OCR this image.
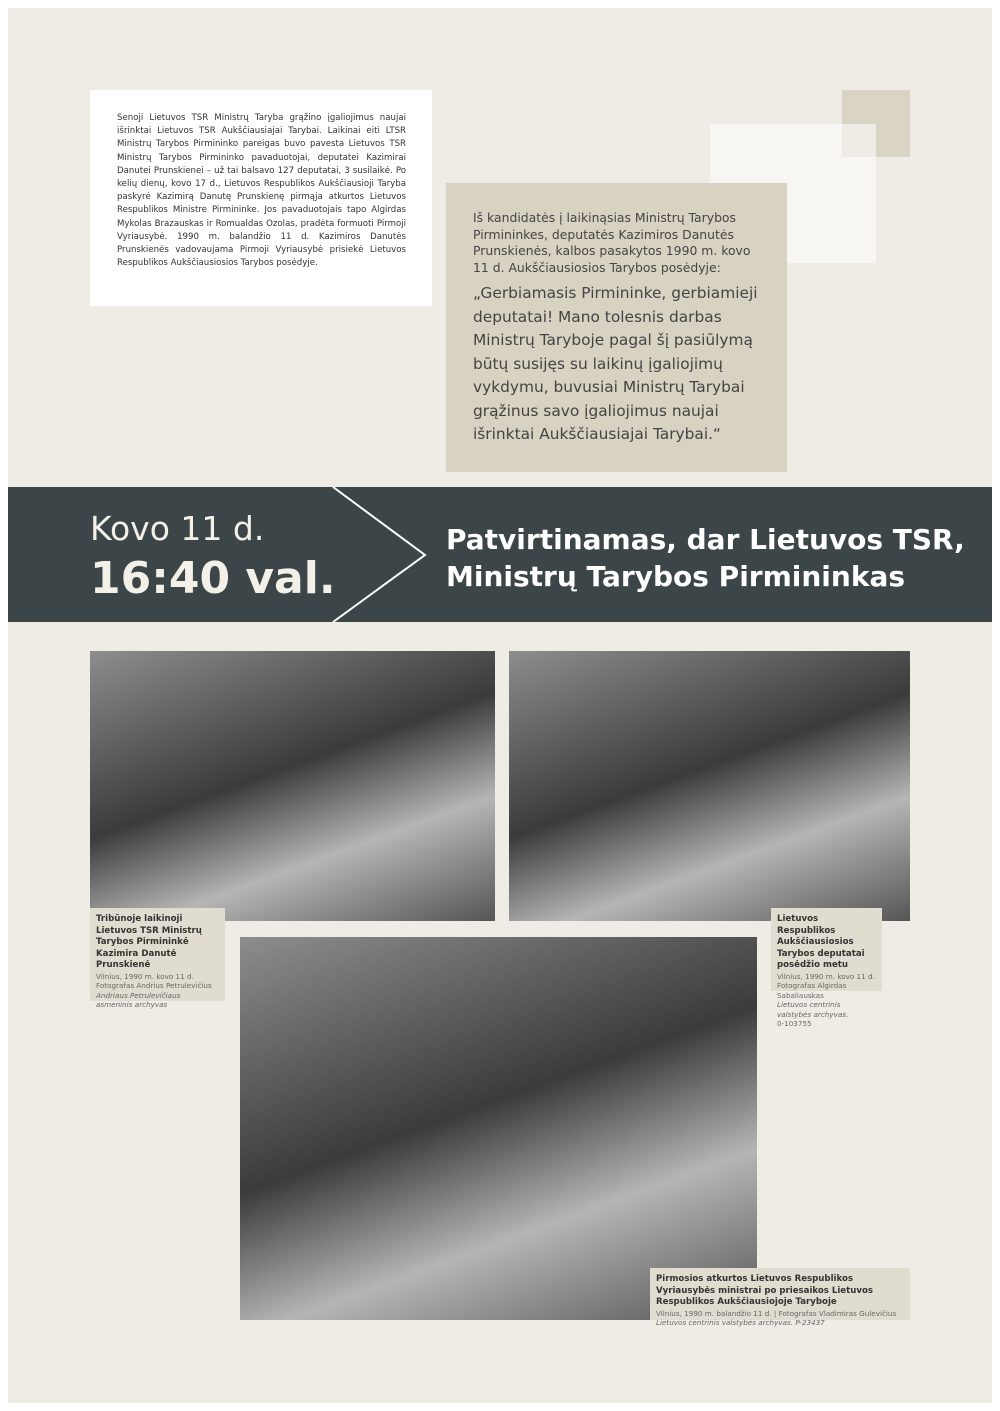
Senoji Lietuvos TSR Ministrų Taryba grąžino įgaliojimus naujai išrinktai Lietuvos TSR Aukščiausiajai Tarybai. Laikinai eiti LTSR Ministrų Tarybos Pirmininko pareigas buvo pavesta Lietuvos TSR Ministrų Tarybos Pirmininko pavaduotojai, deputatei Kazimirai Danutei Prunskienei – už tai balsavo 127 deputatai, 3 susilaikė. Po kelių dienų, kovo 17 d., Lietuvos Respublikos Aukščiausioji Taryba paskyrė Kazimirą Danutę Prunskienę pirmąja atkurtos Lietuvos Respublikos Ministre Pirmininke. Jos pavaduotojais tapo Algirdas Mykolas Brazauskas ir Romualdas Ozolas, pradėta formuoti Pirmoji Vyriausybė. 1990 m. balandžio 11 d. Kazimiros Danutės Prunskienės vadovaujama Pirmoji Vyriausybė prisiekė Lietuvos Respublikos Aukščiausiosios Tarybos posėdyje.
Iš kandidatės į laikinąsias Ministrų Tarybos Pirmininkes, deputatės Kazimiros Danutės Prunskienės, kalbos pasakytos 1990 m. kovo 11 d. Aukščiausiosios Tarybos posėdyje:
„Gerbiamasis Pirmininke, gerbiamieji deputatai! Mano tolesnis darbas Ministrų Taryboje pagal šį pasiūlymą būtų susijęs su laikinų įgaliojimų vykdymu, buvusiai Ministrų Tarybai grąžinus savo įgaliojimus naujai išrinktai Aukščiausiajai Tarybai.“
Kovo 11 d.
16:40 val.
Patvirtinamas, dar Lietuvos TSR,
Ministrų Tarybos Pirmininkas
Tribūnoje laikinoji Lietuvos TSR Ministrų Tarybos Pirmininkė Kazimira Danutė Prunskienė
Vilnius, 1990 m. kovo 11 d.
Fotografas Andrius Petrulevičius
Andriaus Petrulevičiaus asmeninis archyvas
Lietuvos Respublikos Aukščiausiosios Tarybos deputatai posėdžio metu
Vilnius, 1990 m. kovo 11 d.
Fotografas Algirdas Sabaliauskas
Lietuvos centrinis valstybės archyvas.
0-103755
Pirmosios atkurtos Lietuvos Respublikos Vyriausybės ministrai po priesaikos Lietuvos Respublikos Aukščiausiojoje Taryboje
Vilnius, 1990 m. balandžio 11 d. | Fotografas Vladimiras Gulevičius
Lietuvos centrinis valstybės archyvas. P-23437
